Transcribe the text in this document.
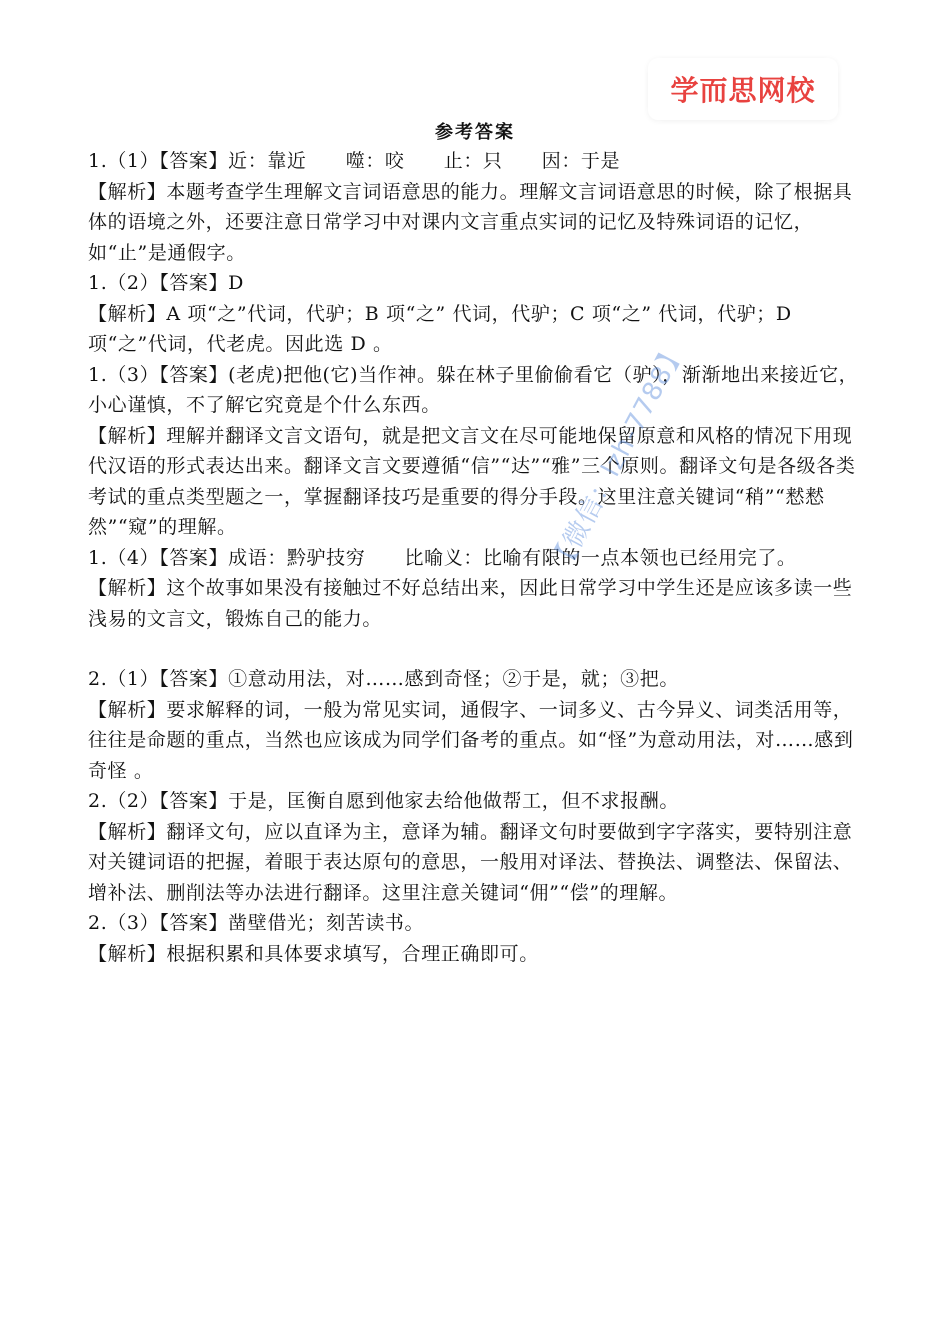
学而思网校
参考答案

1.（1）【答案】近：靠近　　噬：咬　　止：只　　因：于是

【解析】本题考查学生理解文言词语意思的能力。理解文言词语意思的时候，除了根据具体的语境之外，还要注意日常学习中对课内文言重点实词的记忆及特殊词语的记忆，如“止”是通假字。

1.（2）【答案】D

【解析】A 项“之”代词，代驴；B 项“之” 代词，代驴；C 项“之” 代词，代驴；D 项“之”代词，代老虎。因此选 D 。

1.（3）【答案】(老虎)把他(它)当作神。躲在林子里偷偷看它（驴），渐渐地出来接近它，小心谨慎，不了解它究竟是个什么东西。

【解析】理解并翻译文言文语句，就是把文言文在尽可能地保留原意和风格的情况下用现代汉语的形式表达出来。翻译文言文要遵循“信”“达”“雅”三个原则。翻译文句是各级各类考试的重点类型题之一，掌握翻译技巧是重要的得分手段。这里注意关键词“稍”“慭慭然”“窥”的理解。

1.（4）【答案】成语：黔驴技穷　　比喻义：比喻有限的一点本领也已经用完了。

【解析】这个故事如果没有接触过不好总结出来，因此日常学习中学生还是应该多读一些浅易的文言文，锻炼自己的能力。

2.（1）【答案】①意动用法，对……感到奇怪；②于是，就；③把。

【解析】要求解释的词，一般为常见实词，通假字、一词多义、古今异义、词类活用等，往往是命题的重点，当然也应该成为同学们备考的重点。如“怪”为意动用法，对……感到奇怪 。

2.（2）【答案】于是，匡衡自愿到他家去给他做帮工，但不求报酬。

【解析】翻译文句，应以直译为主，意译为辅。翻译文句时要做到字字落实，要特别注意对关键词语的把握，着眼于表达原句的意思，一般用对译法、替换法、调整法、保留法、增补法、删削法等办法进行翻译。这里注意关键词“佣”“偿”的理解。

2.（3）【答案】凿壁借光；刻苦读书。

【解析】根据积累和具体要求填写，合理正确即可。

【微信：lzh-7788】
